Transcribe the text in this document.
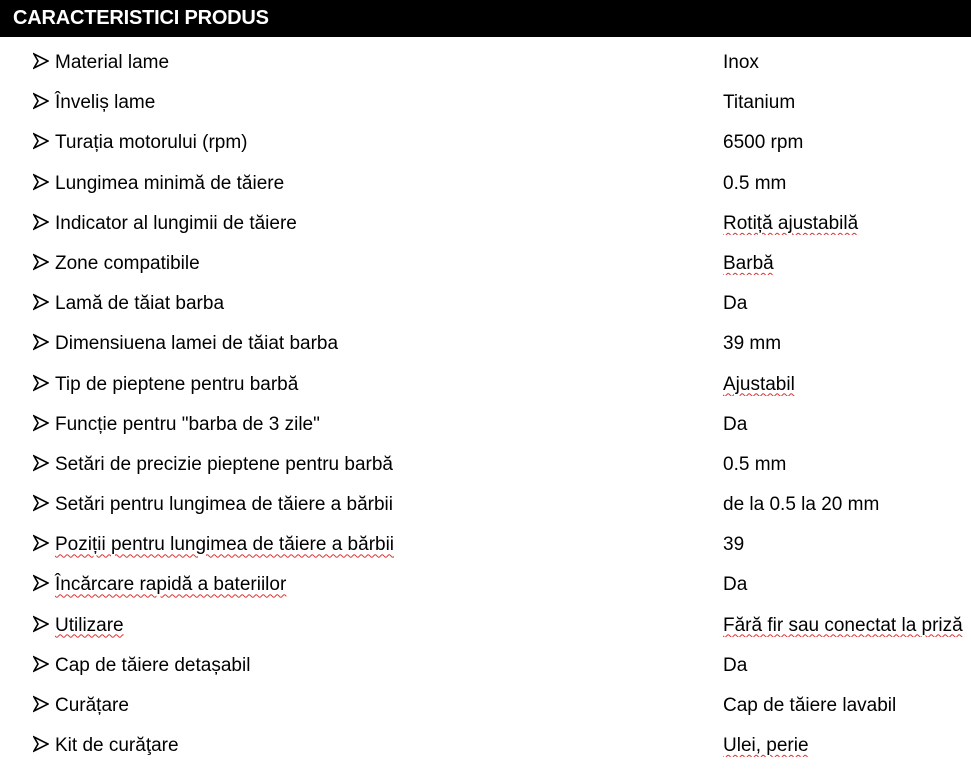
CARACTERISTICI PRODUS
Material lame	Inox
Înveliș lame	Titanium
Turația motorului (rpm)	6500 rpm
Lungimea minimă de tăiere	0.5 mm
Indicator al lungimii de tăiere	Rotiță ajustabilă
Zone compatibile	Barbă
Lamă de tăiat barba	Da
Dimensiuena lamei de tăiat barba	39 mm
Tip de pieptene pentru barbă	Ajustabil
Funcție pentru "barba de 3 zile"	Da
Setări de precizie pieptene pentru barbă	0.5 mm
Setări pentru lungimea de tăiere a bărbii	de la 0.5 la 20 mm
Poziții pentru lungimea de tăiere a bărbii	39
Încărcare rapidă a bateriilor	Da
Utilizare	Fără fir sau conectat la priză
Cap de tăiere detașabil	Da
Curățare	Cap de tăiere lavabil
Kit de curăţare	Ulei, perie
